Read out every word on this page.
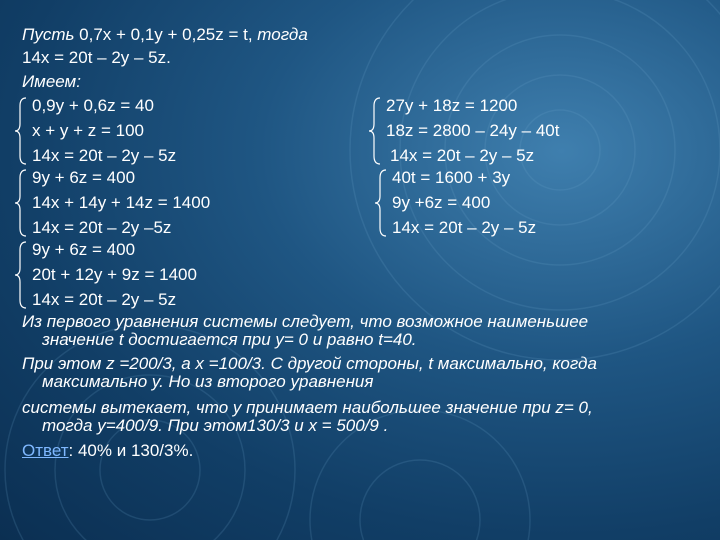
Пусть 0,7x + 0,1y + 0,25z = t, тогда
14x = 20t – 2y – 5z.
Имеем:
0,9y + 0,6z = 40
x + y + z = 100
14x = 20t – 2y – 5z
9y + 6z = 400
14x + 14y + 14z = 1400
14x = 20t – 2y –5z
9y + 6z = 400
20t + 12y + 9z = 1400
14x = 20t – 2y – 5z
27y + 18z = 1200
18z = 2800 – 24y – 40t
14x = 20t – 2y – 5z
40t = 1600 + 3y
9y +6z = 400
14x = 20t – 2y – 5z
Из первого уравнения системы следует, что возможное наименьшее
значение t достигается при y= 0 и равно t=40.
При этом z =200/3, а x =100/3. С другой стороны, t максимально, когда
максимально y. Но из второго уравнения
системы вытекает, что y принимает наибольшее значение при z= 0,
тогда y=400/9. При этом130/3 и x = 500/9 .
Ответ: 40% и 130/3%.
